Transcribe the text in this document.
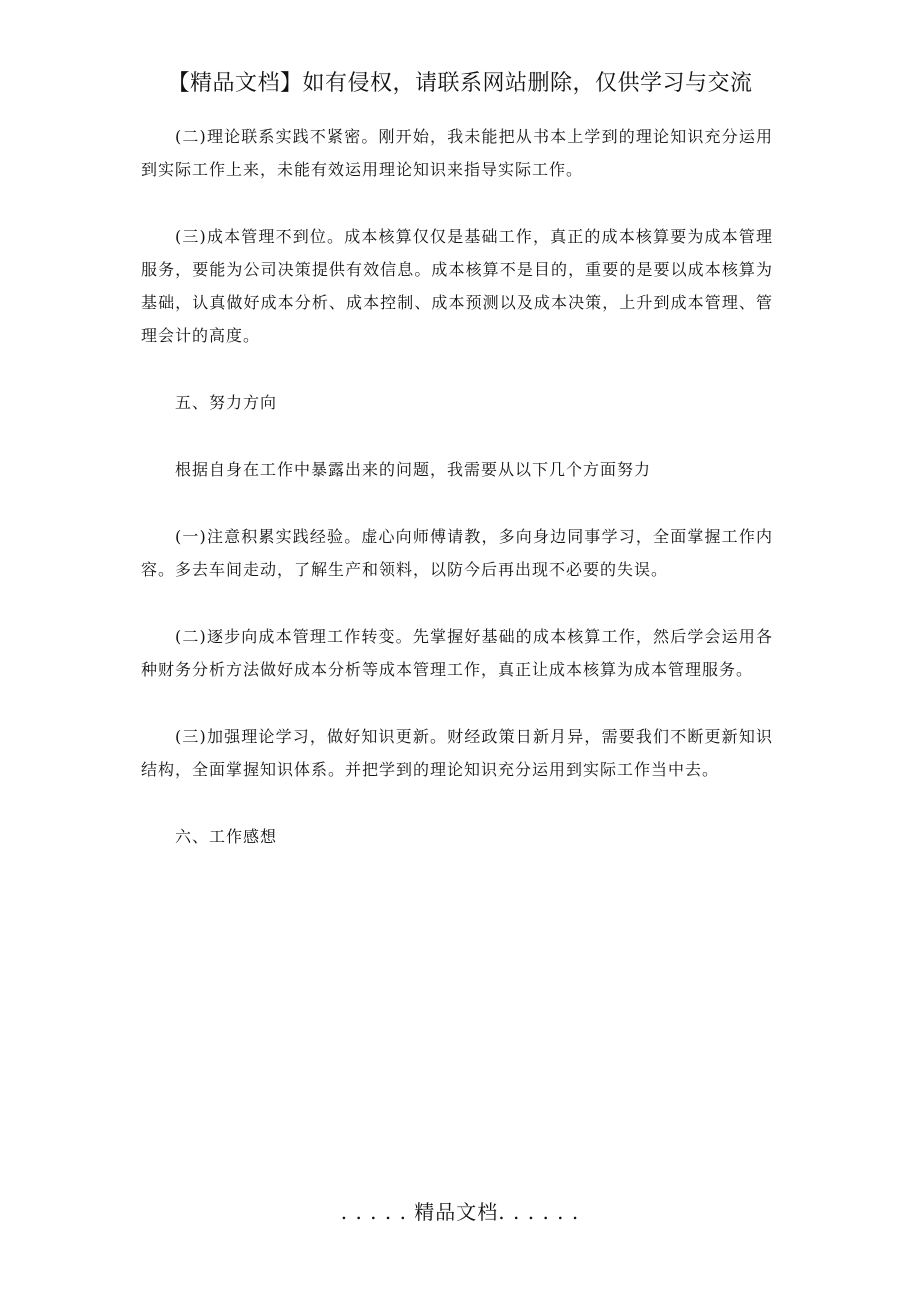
【精品文档】如有侵权，请联系网站删除，仅供学习与交流

(二)理论联系实践不紧密。刚开始，我未能把从书本上学到的理论知识充分运用到实际工作上来，未能有效运用理论知识来指导实际工作。

(三)成本管理不到位。成本核算仅仅是基础工作，真正的成本核算要为成本管理服务，要能为公司决策提供有效信息。成本核算不是目的，重要的是要以成本核算为基础，认真做好成本分析、成本控制、成本预测以及成本决策，上升到成本管理、管理会计的高度。

五、努力方向

根据自身在工作中暴露出来的问题，我需要从以下几个方面努力

(一)注意积累实践经验。虚心向师傅请教，多向身边同事学习，全面掌握工作内容。多去车间走动，了解生产和领料，以防今后再出现不必要的失误。

(二)逐步向成本管理工作转变。先掌握好基础的成本核算工作，然后学会运用各种财务分析方法做好成本分析等成本管理工作，真正让成本核算为成本管理服务。

(三)加强理论学习，做好知识更新。财经政策日新月异，需要我们不断更新知识结构，全面掌握知识体系。并把学到的理论知识充分运用到实际工作当中去。

六、工作感想

. . . . . 精品文档. . . . . .
